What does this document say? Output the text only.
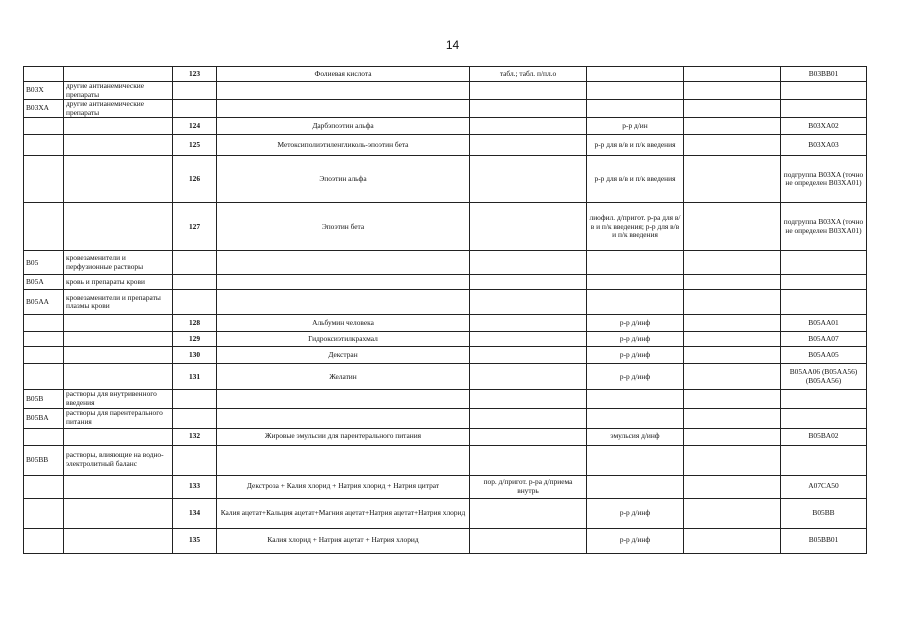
14
		123	Фолиевая кислота	табл.; табл. п/пл.о			B03BB01
B03X	другие антианемические препараты						
B03XA	другие антианемические препараты						
		124	Дарбэпоэтин альфа		р-р д/ин		B03XA02
		125	Метоксиполиэтиленгликоль-эпоэтин бета		р-р для в/в и п/к введения		B03XA03
		126	Эпоэтин альфа		р-р для в/в и п/к введения		подгруппа B03XA (точно не определен B03XA01)
		127	Эпоэтин бета		лиофил. д/пригот. р-ра для в/в и п/к введения; р-р для в/в и п/к введения		подгруппа B03XA (точно не определен B03XA01)
B05	кровезаменители и перфузионные растворы						
B05A	кровь и препараты крови						
B05AA	кровезаменители и препараты плазмы крови						
		128	Альбумин человека		р-р д/инф		B05AA01
		129	Гидроксиэтилкрахмал		р-р д/инф		B05AA07
		130	Декстран		р-р д/инф		B05AA05
		131	Желатин		р-р д/инф		B05AA06 (B05AA56) (B05AA56)
B05B	растворы для внутривенного введения						
B05BA	растворы для парентерального питания						
		132	Жировые эмульсии для парентерального питания		эмульсия д/инф		B05BA02
B05BB	растворы, влияющие на водно-электролитный баланс						
		133	Декстроза + Калия хлорид + Натрия хлорид + Натрия цитрат	пор. д/пригот. р-ра д/приема внутрь			A07CA50
		134	Калия ацетат+Кальция ацетат+Магния ацетат+Натрия ацетат+Натрия хлорид		р-р д/инф		B05BB
		135	Калия хлорид + Натрия ацетат + Натрия хлорид		р-р д/инф		B05BB01
